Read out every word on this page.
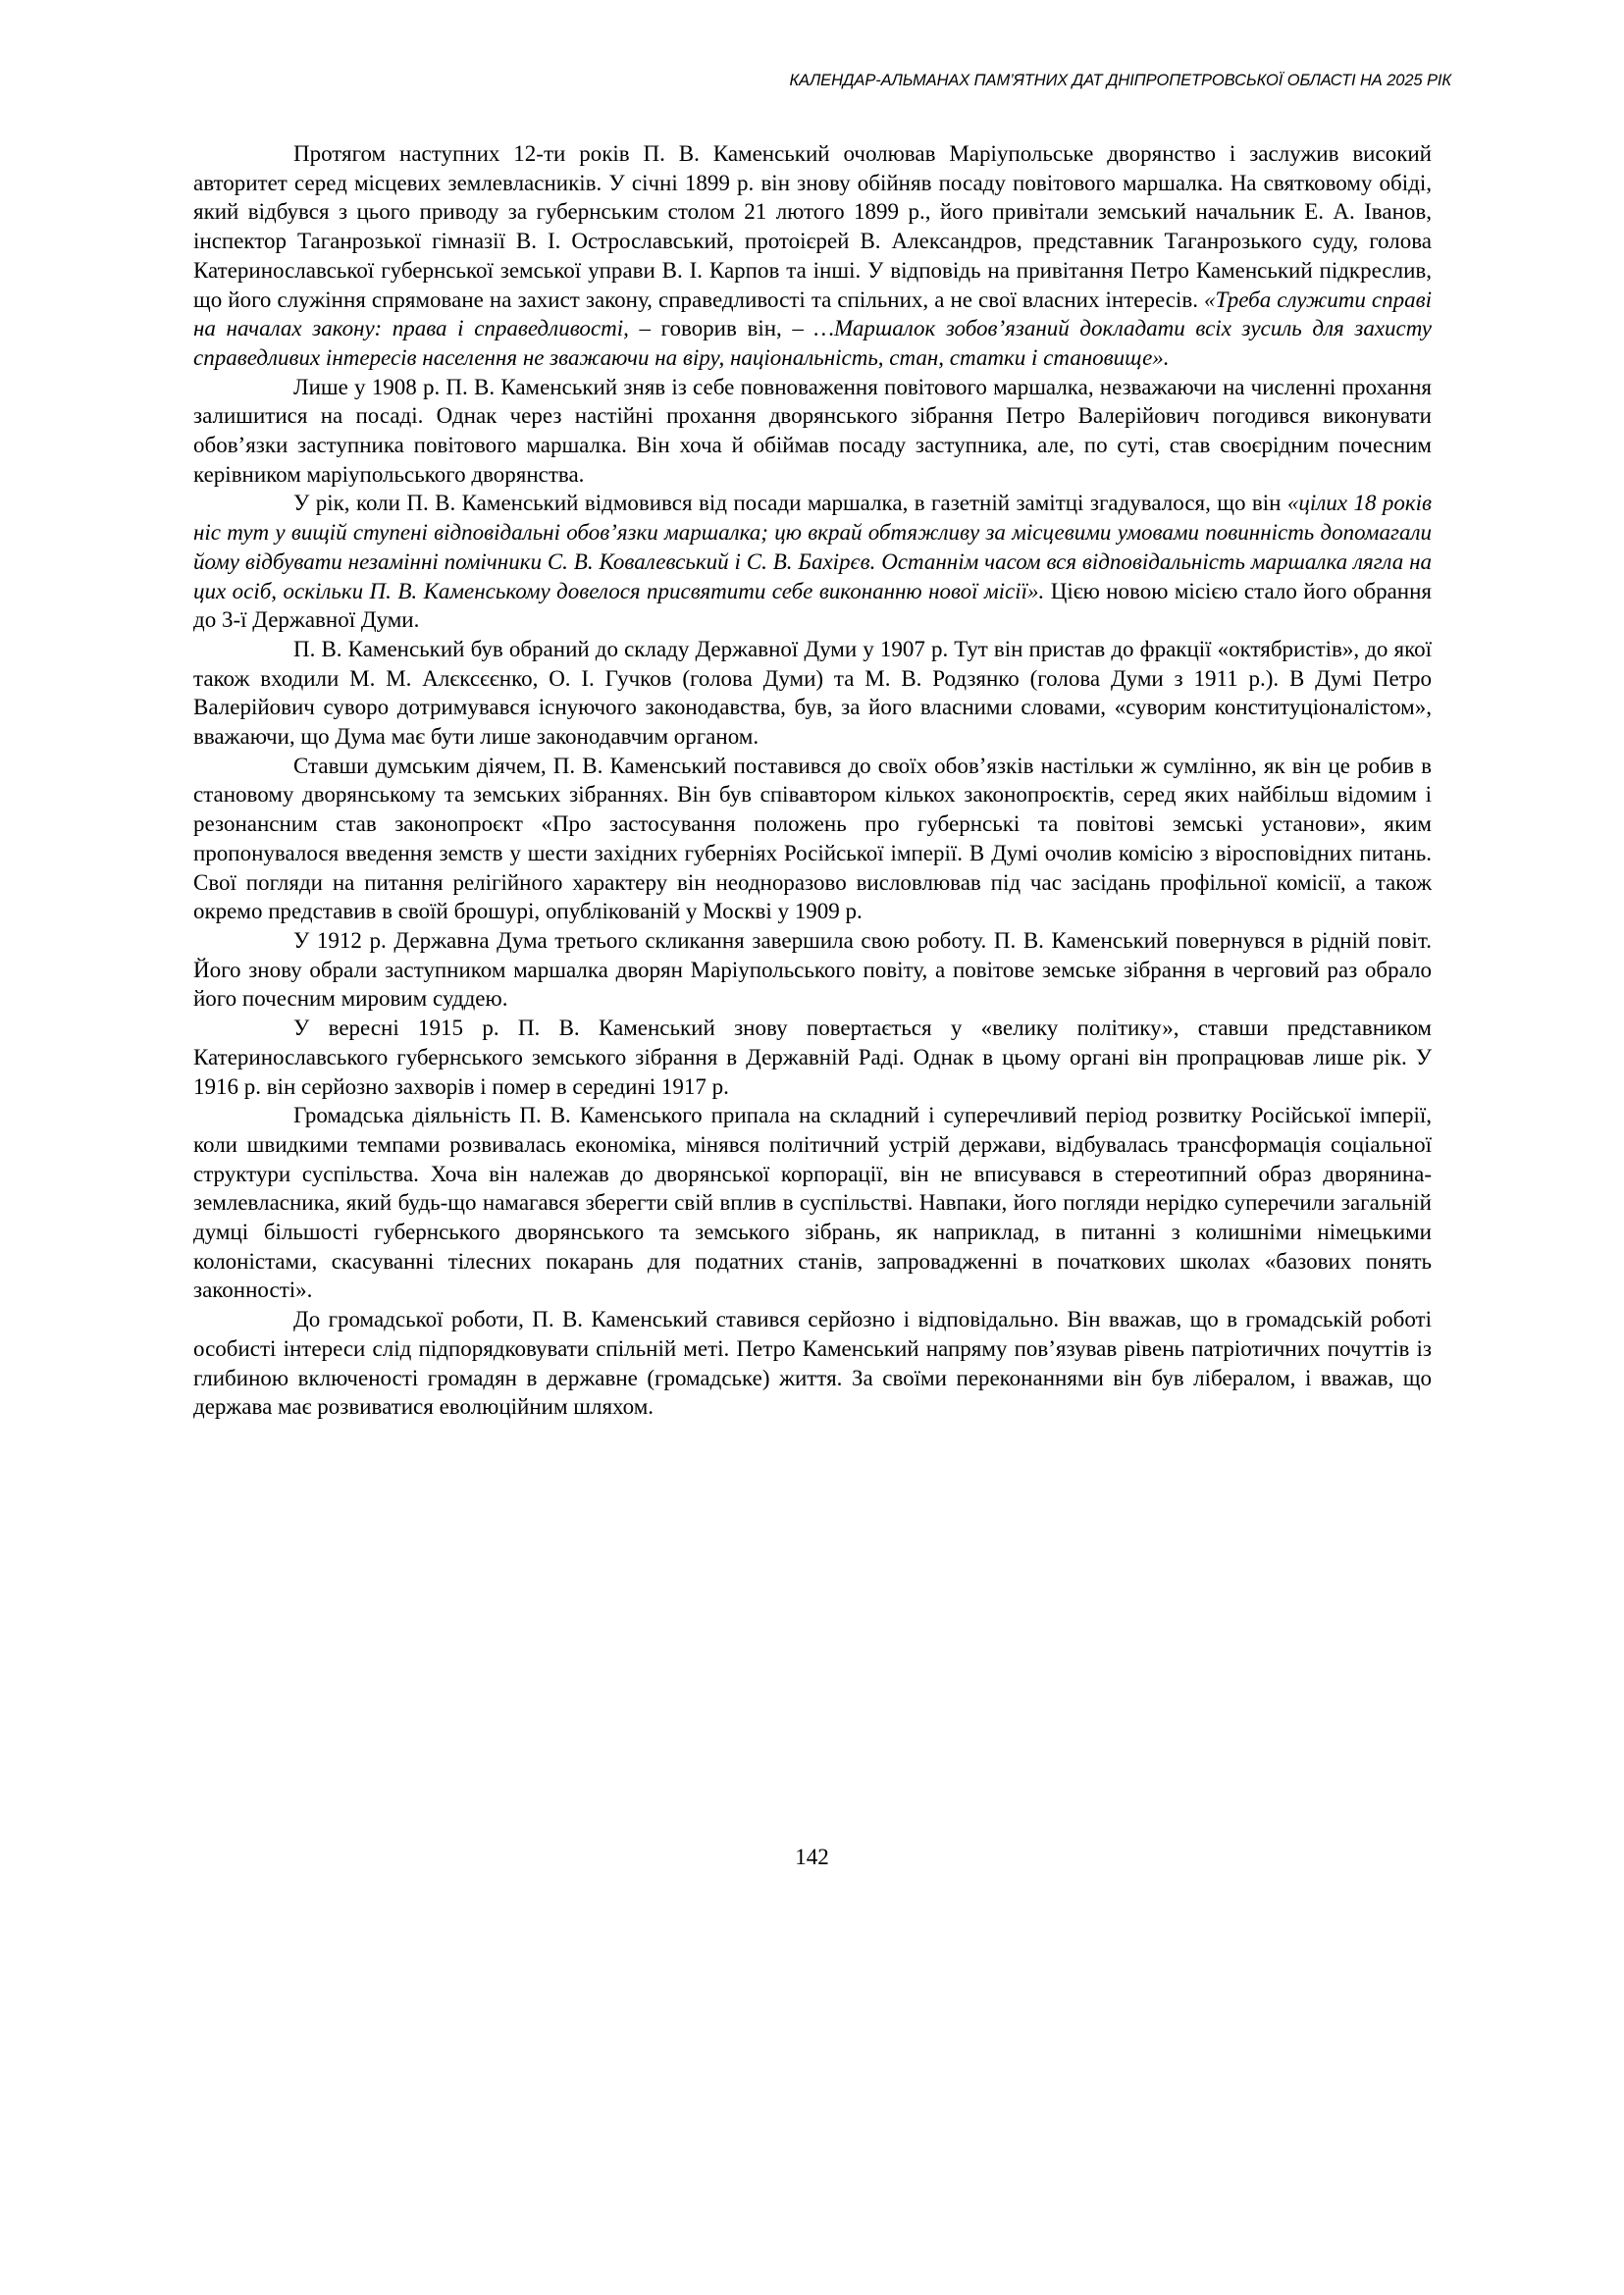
КАЛЕНДАР-АЛЬМАНАХ ПАМ’ЯТНИХ ДАТ ДНІПРОПЕТРОВСЬКОЇ ОБЛАСТІ НА 2025 РІК

Протягом наступних 12-ти років П. В. Каменський очолював Маріупольське дворянство і заслужив високий авторитет серед місцевих землевласників. У січні 1899 р. він знову обійняв посаду повітового маршалка. На святковому обіді, який відбувся з цього приводу за губернським столом 21 лютого 1899 р., його привітали земський начальник Е. А. Іванов, інспектор Таганрозької гімназії В. І. Острославський, протоієрей В. Александров, представник Таганрозького суду, голова Катеринославської губернської земської управи В. І. Карпов та інші. У відповідь на привітання Петро Каменський підкреслив, що його служіння спрямоване на захист закону, справедливості та спільних, а не свої власних інтересів. «Треба служити справі на началах закону: права і справедливості, – говорив він, – …Маршалок зобов’язаний докладати всіх зусиль для захисту справедливих інтересів населення не зважаючи на віру, національність, стан, статки і становище».

Лише у 1908 р. П. В. Каменський зняв із себе повноваження повітового маршалка, незважаючи на численні прохання залишитися на посаді. Однак через настійні прохання дворянського зібрання Петро Валерійович погодився виконувати обов’язки заступника повітового маршалка. Він хоча й обіймав посаду заступника, але, по суті, став своєрідним почесним керівником маріупольського дворянства.

У рік, коли П. В. Каменський відмовився від посади маршалка, в газетній замітці згадувалося, що він «цілих 18 років ніс тут у вищій ступені відповідальні обов’язки маршалка; цю вкрай обтяжливу за місцевими умовами повинність допомагали йому відбувати незамінні помічники С. В. Ковалевський і С. В. Бахірєв. Останнім часом вся відповідальність маршалка лягла на цих осіб, оскільки П. В. Каменському довелося присвятити себе виконанню нової місії». Цією новою місією стало його обрання до 3-ї Державної Думи.

П. В. Каменський був обраний до складу Державної Думи у 1907 р. Тут він пристав до фракції «октябристів», до якої також входили М. М. Алєксєєнко, О. І. Гучков (голова Думи) та М. В. Родзянко (голова Думи з 1911 р.). В Думі Петро Валерійович суворо дотримувався існуючого законодавства, був, за його власними словами, «суворим конституціоналістом», вважаючи, що Дума має бути лише законодавчим органом.

Ставши думським діячем, П. В. Каменський поставився до своїх обов’язків настільки ж сумлінно, як він це робив в становому дворянському та земських зібраннях. Він був співавтором кількох законопроєктів, серед яких найбільш відомим і резонансним став законопроєкт «Про застосування положень про губернські та повітові земські установи», яким пропонувалося введення земств у шести західних губерніях Російської імперії. В Думі очолив комісію з віросповідних питань. Свої погляди на питання релігійного характеру він неодноразово висловлював під час засідань профільної комісії, а також окремо представив в своїй брошурі, опублікованій у Москві у 1909 р.

У 1912 р. Державна Дума третього скликання завершила свою роботу. П. В. Каменський повернувся в рідній повіт. Його знову обрали заступником маршалка дворян Маріупольського повіту, а повітове земське зібрання в черговий раз обрало його почесним мировим суддею.

У вересні 1915 р. П. В. Каменський знову повертається у «велику політику», ставши представником Катеринославського губернського земського зібрання в Державній Раді. Однак в цьому органі він пропрацював лише рік. У 1916 р. він серйозно захворів і помер в середині 1917 р.

Громадська діяльність П. В. Каменського припала на складний і суперечливий період розвитку Російської імперії, коли швидкими темпами розвивалась економіка, мінявся політичний устрій держави, відбувалась трансформація соціальної структури суспільства. Хоча він належав до дворянської корпорації, він не вписувався в стереотипний образ дворянина-землевласника, який будь-що намагався зберегти свій вплив в суспільстві. Навпаки, його погляди нерідко суперечили загальній думці більшості губернського дворянського та земського зібрань, як наприклад, в питанні з колишніми німецькими колоністами, скасуванні тілесних покарань для податних станів, запровадженні в початкових школах «базових понять законності».

До громадської роботи, П. В. Каменський ставився серйозно і відповідально. Він вважав, що в громадській роботі особисті інтереси слід підпорядковувати спільній меті. Петро Каменський напряму пов’язував рівень патріотичних почуттів із глибиною включеності громадян в державне (громадське) життя. За своїми переконаннями він був лібералом, і вважав, що держава має розвиватися еволюційним шляхом.

142
